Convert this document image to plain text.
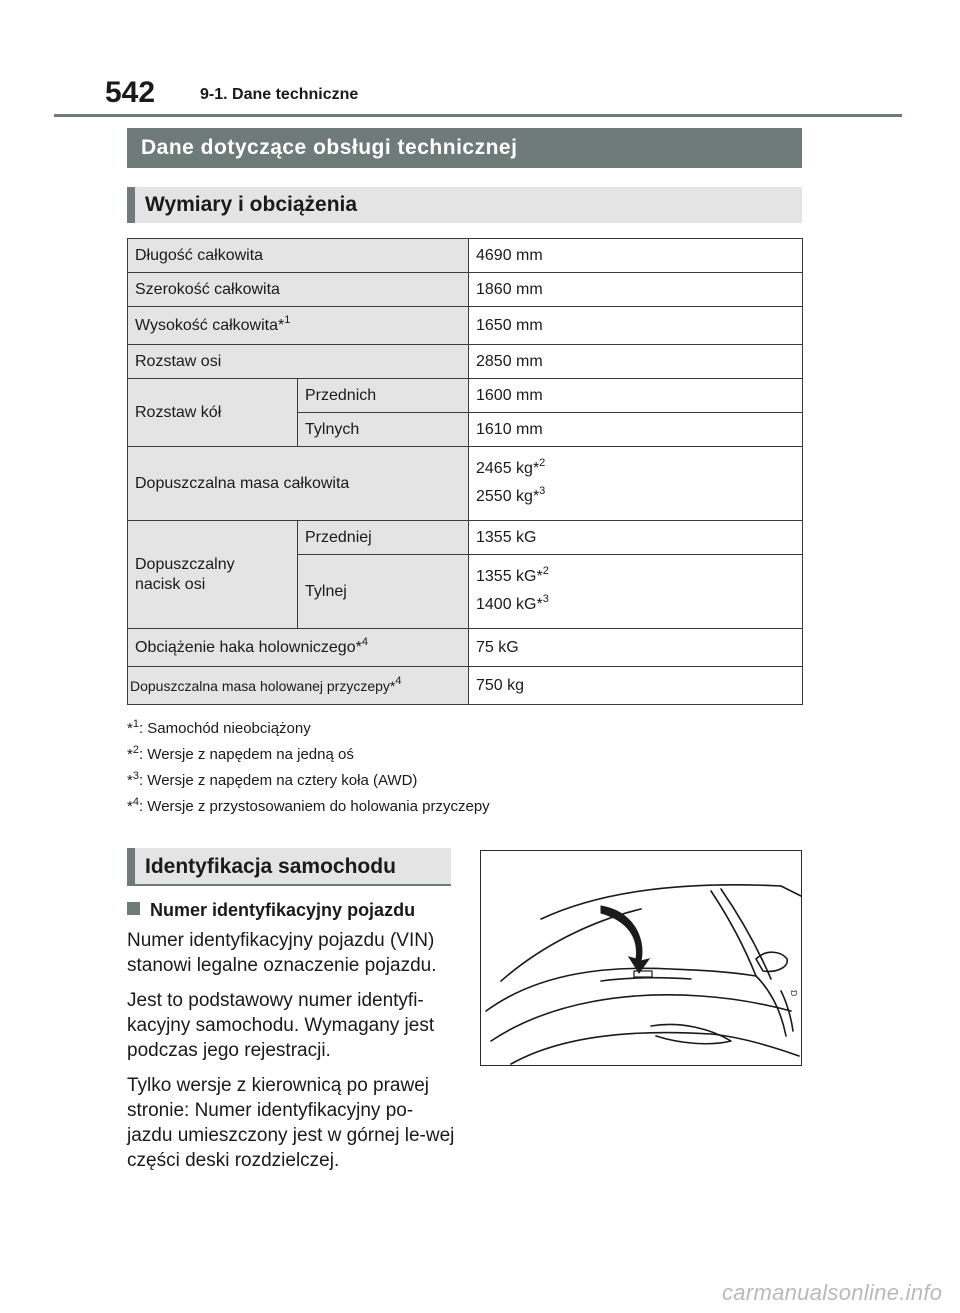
542	9-1. Dane techniczne
Dane dotyczące obsługi technicznej
Wymiary i obciążenia
Długość całkowita		4690 mm
Szerokość całkowita		1860 mm
Wysokość całkowita*$^1$		1650 mm
Rozstaw osi		2850 mm
Rozstaw kół	Przednich	1600 mm
	Tylnych	1610 mm
Dopuszczalna masa całkowita		2465 kg*$^2$
2550 kg*$^3$

Dopuszczalny
nacisk osi	Przedniej	1355 kG
	Tylnej	1355 kG*$^2$
1400 kG*$^3$

Obciążenie haka holowniczego*$^4$		75 kG
Dopuszczalna masa holowanej przyczepy*$^4$		750 kg
*$^1$: Samochód nieobciążony
*$^2$: Wersje z napędem na jedną oś
*$^3$: Wersje z napędem na cztery koła (AWD)
*$^4$: Wersje z przystosowaniem do holowania przyczepy
Identyfikacja samochodu
Numer identyfikacyjny pojazdu

Numer identyfikacyjny pojazdu (VIN) stanowi legalne oznaczenie pojazdu.

Jest to podstawowy numer identyfi-kacyjny samochodu. Wymagany jest podczas jego rejestracji.

Tylko wersje z kierownicą po prawej stronie: Numer identyfikacyjny po-jazdu umieszczony jest w górnej le-wej części deski rozdzielczej.

ဗ
carmanualsonline.info
